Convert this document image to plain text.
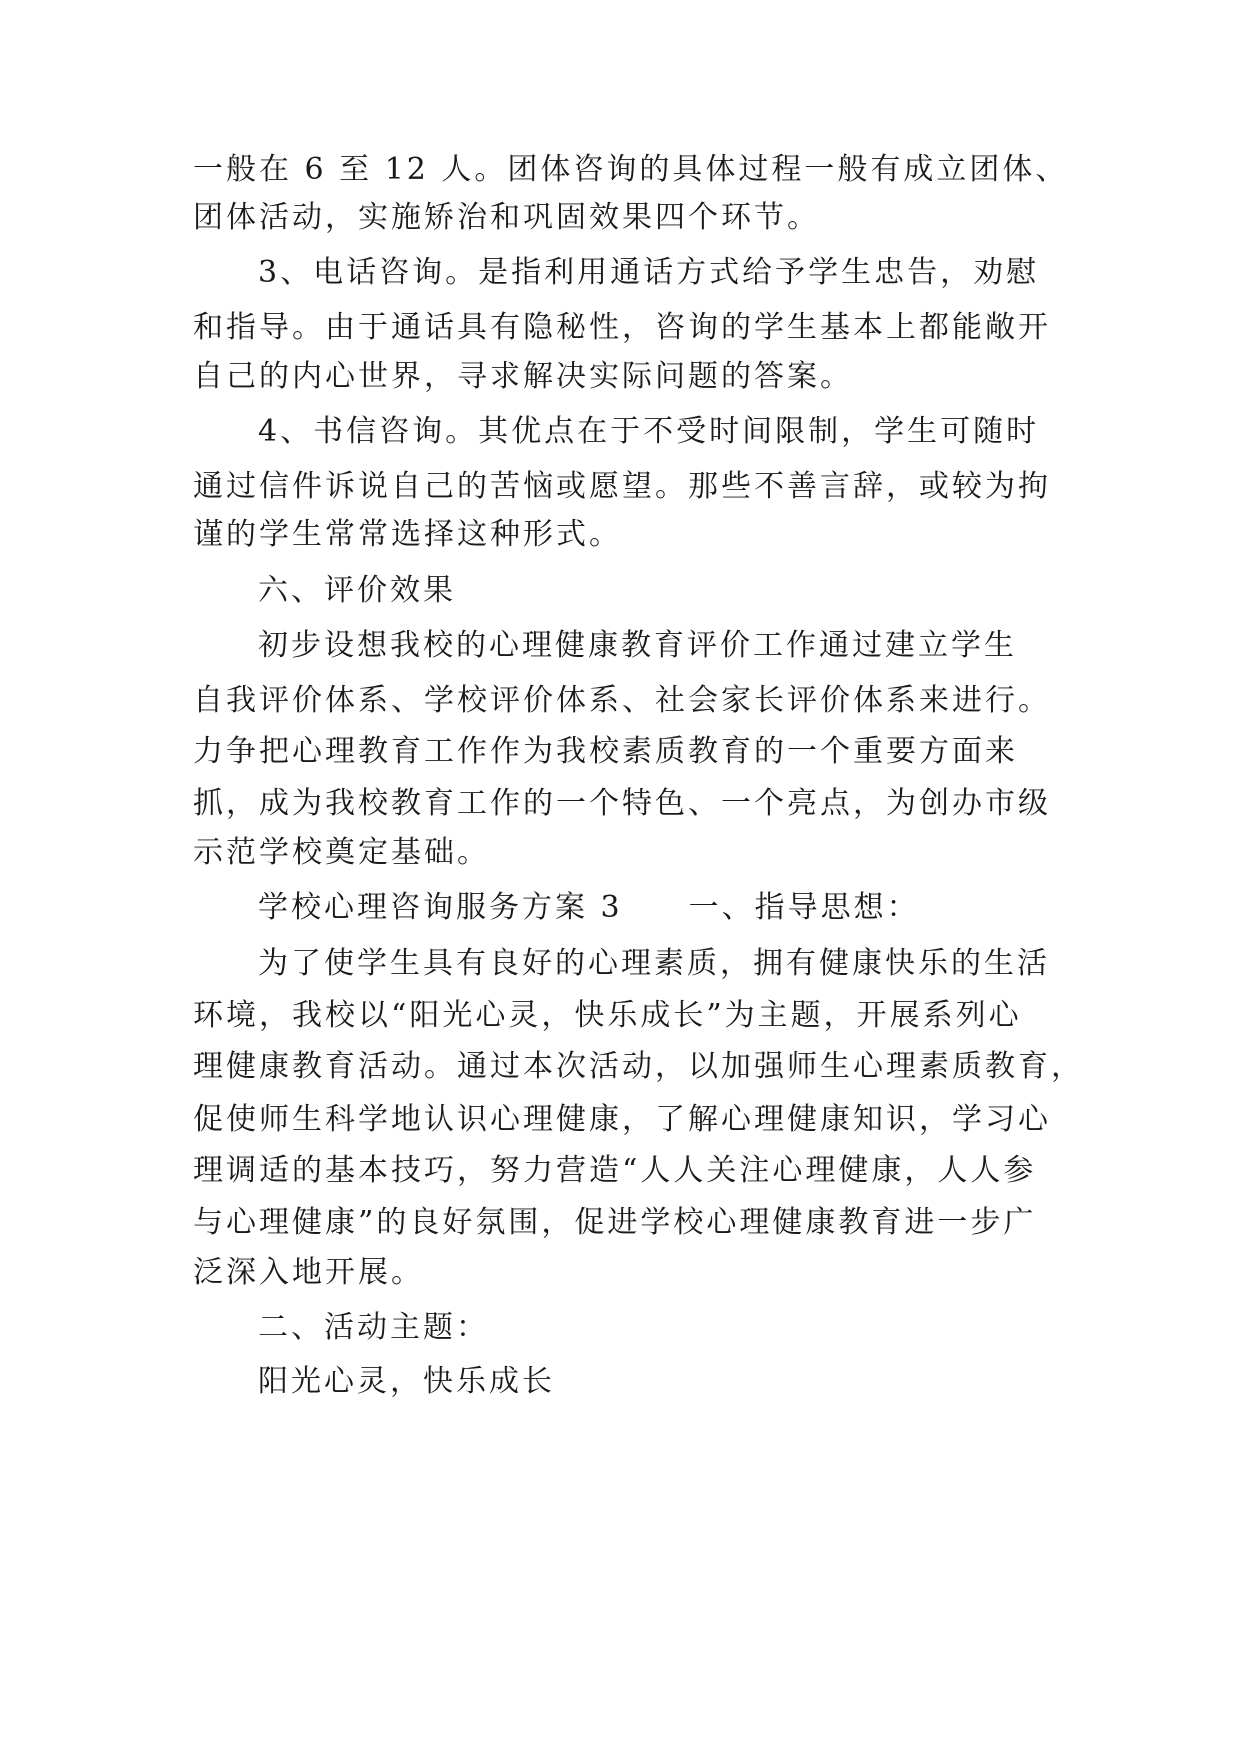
一般在 6 至 12 人。团体咨询的具体过程一般有成立团体、

团体活动，实施矫治和巩固效果四个环节。

3、电话咨询。是指利用通话方式给予学生忠告，劝慰

和指导。由于通话具有隐秘性，咨询的学生基本上都能敞开

自己的内心世界，寻求解决实际问题的答案。

4、书信咨询。其优点在于不受时间限制，学生可随时

通过信件诉说自己的苦恼或愿望。那些不善言辞，或较为拘

谨的学生常常选择这种形式。

六、评价效果

初步设想我校的心理健康教育评价工作通过建立学生

自我评价体系、学校评价体系、社会家长评价体系来进行。

力争把心理教育工作作为我校素质教育的一个重要方面来

抓，成为我校教育工作的一个特色、一个亮点，为创办市级

示范学校奠定基础。

学校心理咨询服务方案 3　　一、指导思想：

为了使学生具有良好的心理素质，拥有健康快乐的生活

环境，我校以“阳光心灵，快乐成长”为主题，开展系列心

理健康教育活动。通过本次活动，以加强师生心理素质教育，

促使师生科学地认识心理健康，了解心理健康知识，学习心

理调适的基本技巧，努力营造“人人关注心理健康，人人参

与心理健康”的良好氛围，促进学校心理健康教育进一步广

泛深入地开展。

二、活动主题：

阳光心灵，快乐成长
